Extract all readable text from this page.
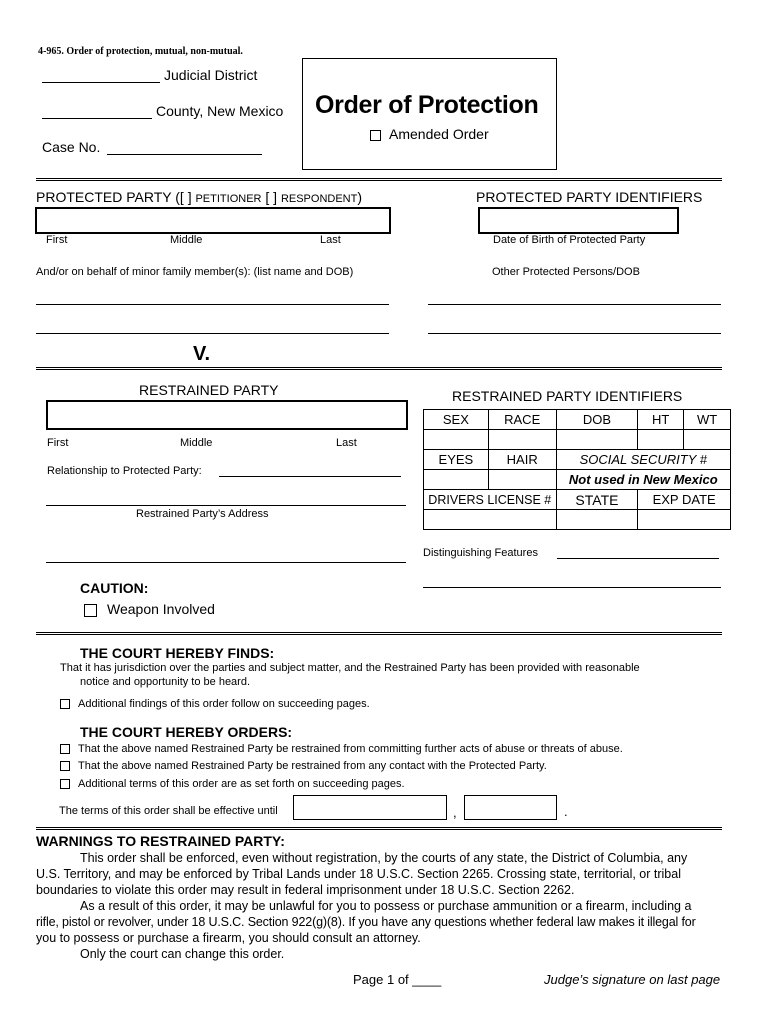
4-965. Order of protection, mutual, non-mutual.
Judicial District
County, New Mexico
Case No.
Order of Protection
Amended Order
PROTECTED PARTY ([ ] PETITIONER [ ] RESPONDENT)	PROTECTED PARTY IDENTIFIERS
First	Middle	Last	Date of Birth of Protected Party
And/or on behalf of minor family member(s): (list name and DOB)	Other Protected Persons/DOB
V.
RESTRAINED PARTY	RESTRAINED PARTY IDENTIFIERS
First	Middle	Last
Relationship to Protected Party:
Restrained Party’s Address
SEX	RACE	DOB	HT	WT

EYES	HAIR	SOCIAL SECURITY #		
		Not used in New Mexico		
DRIVERS LICENSE #		STATE	EXP DATE	

Distinguishing Features
CAUTION:
Weapon Involved
THE COURT HEREBY FINDS:
That it has jurisdiction over the parties and subject matter, and the Restrained Party has been provided with reasonable
notice and opportunity to be heard.
Additional findings of this order follow on succeeding pages.
THE COURT HEREBY ORDERS:
That the above named Restrained Party be restrained from committing further acts of abuse or threats of abuse.
That the above named Restrained Party be restrained from any contact with the Protected Party.
Additional terms of this order are as set forth on succeeding pages.
The terms of this order shall be effective until	,	.
WARNINGS TO RESTRAINED PARTY:
This order shall be enforced, even without registration, by the courts of any state, the District of Columbia, any
U.S. Territory, and may be enforced by Tribal Lands under 18 U.S.C. Section 2265. Crossing state, territorial, or tribal
boundaries to violate this order may result in federal imprisonment under 18 U.S.C. Section 2262.
As a result of this order, it may be unlawful for you to possess or purchase ammunition or a firearm, including a
rifle, pistol or revolver, under 18 U.S.C. Section 922(g)(8). If you have any questions whether federal law makes it illegal for
you to possess or purchase a firearm, you should consult an attorney.
Only the court can change this order.
Page 1 of ____	Judge’s signature on last page
